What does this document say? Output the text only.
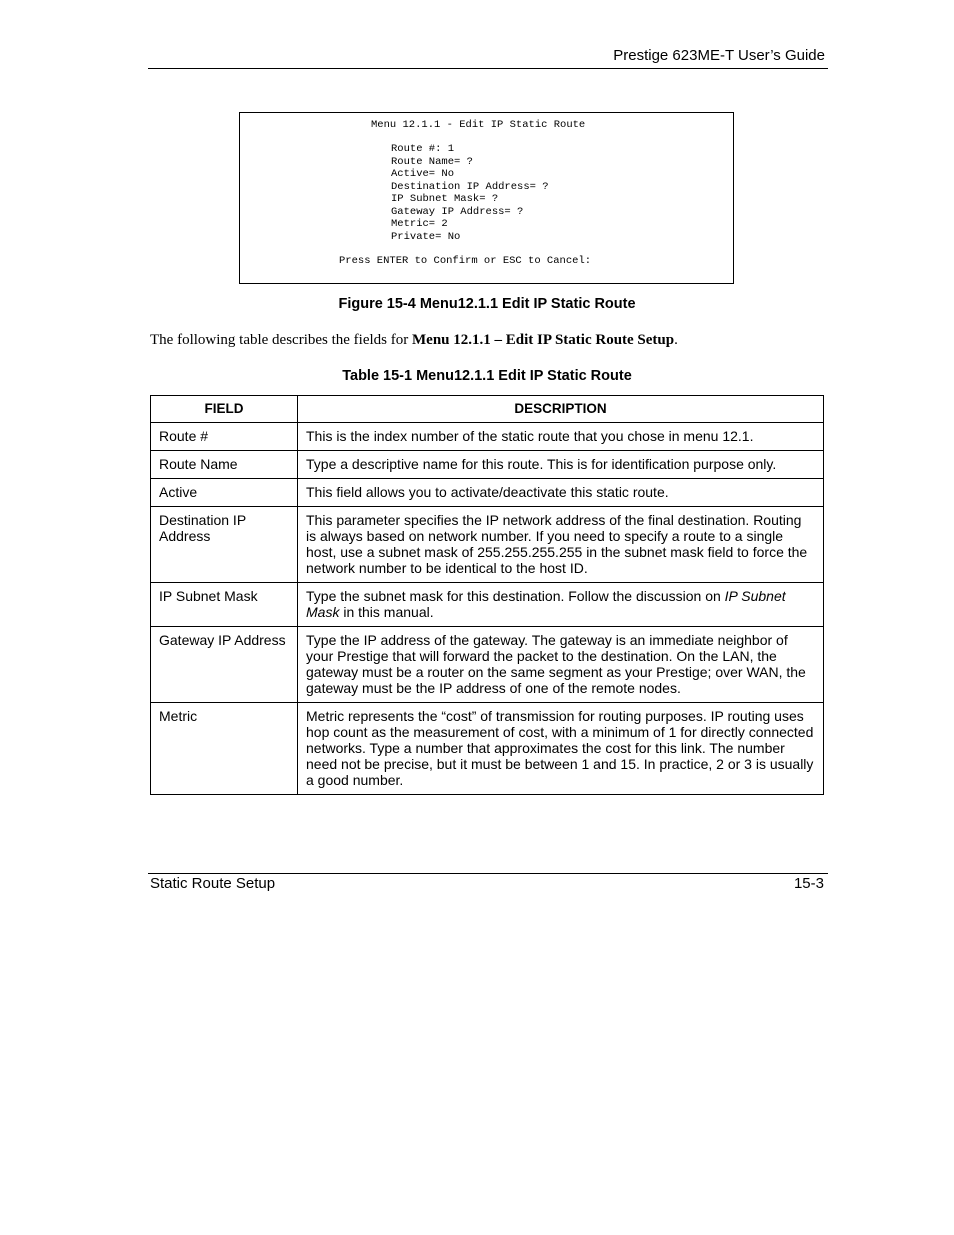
Prestige 623ME-T User’s Guide
Menu 12.1.1 - Edit IP Static Route
Route #: 1
Route Name= ?
Active= No
Destination IP Address= ?
IP Subnet Mask= ?
Gateway IP Address= ?
Metric= 2
Private= No
Press ENTER to Confirm or ESC to Cancel:
Figure 15-4 Menu12.1.1 Edit IP Static Route
The following table describes the fields for Menu 12.1.1 – Edit IP Static Route Setup.
Table 15-1 Menu12.1.1 Edit IP Static Route
FIELD	DESCRIPTION
Route #	This is the index number of the static route that you chose in menu 12.1.
Route Name	Type a descriptive name for this route. This is for identification purpose only.
Active	This field allows you to activate/deactivate this static route.
Destination IP Address	This parameter specifies the IP network address of the final destination. Routing is always based on network number. If you need to specify a route to a single host, use a subnet mask of 255.255.255.255 in the subnet mask field to force the network number to be identical to the host ID.
IP Subnet Mask	Type the subnet mask for this destination. Follow the discussion on IP Subnet Mask in this manual.
Gateway IP Address	Type the IP address of the gateway. The gateway is an immediate neighbor of your Prestige that will forward the packet to the destination. On the LAN, the gateway must be a router on the same segment as your Prestige; over WAN, the gateway must be the IP address of one of the remote nodes.
Metric	Metric represents the “cost” of transmission for routing purposes. IP routing uses hop count as the measurement of cost, with a minimum of 1 for directly connected networks. Type a number that approximates the cost for this link. The number need not be precise, but it must be between 1 and 15. In practice, 2 or 3 is usually a good number.
Static Route Setup	15-3
